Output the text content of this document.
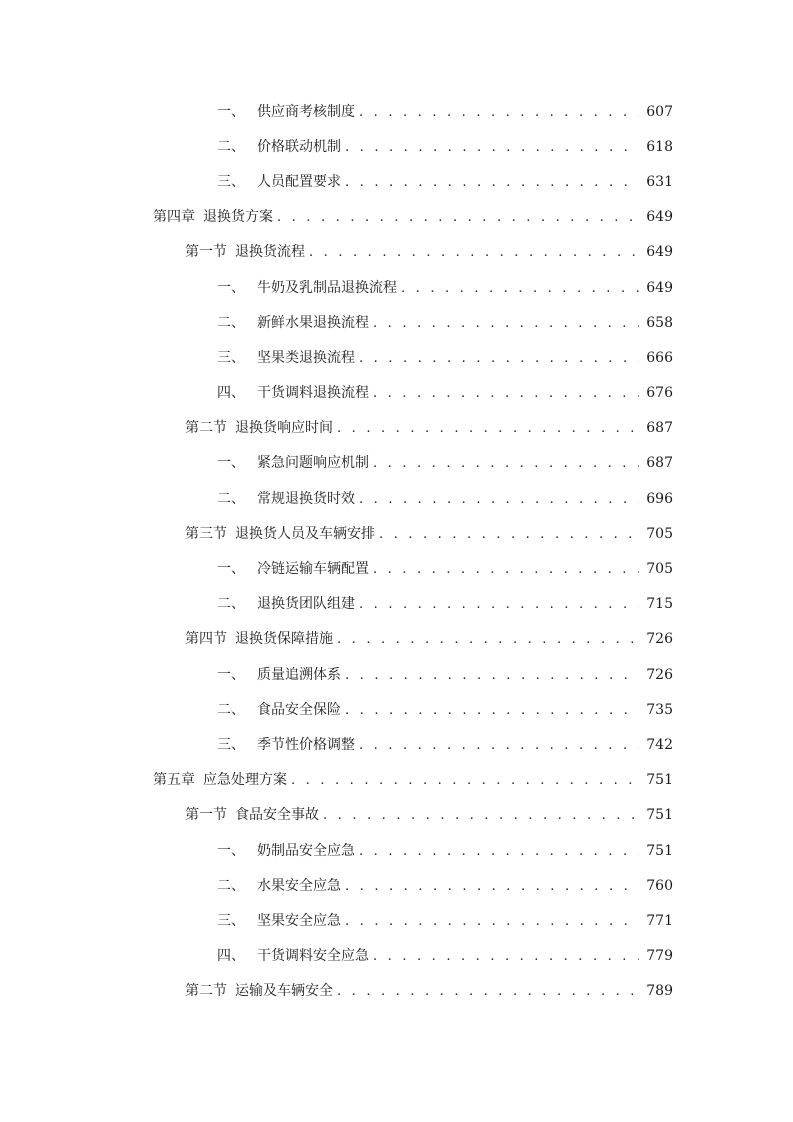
一、 供应商考核制度 . . .	607
二、 价格联动机制 . . .	618
三、 人员配置要求 . . .	631
第四章 退换货方案 . . .	649
第一节 退换货流程 . . .	649
一、 牛奶及乳制品退换流程 . . .	649
二、 新鲜水果退换流程 . . .	658
三、 坚果类退换流程 . . .	666
四、 干货调料退换流程 . . .	676
第二节 退换货响应时间 . . .	687
一、 紧急问题响应机制 . . .	687
二、 常规退换货时效 . . .	696
第三节 退换货人员及车辆安排 . . .	705
一、 冷链运输车辆配置 . . .	705
二、 退换货团队组建 . . .	715
第四节 退换货保障措施 . . .	726
一、 质量追溯体系 . . .	726
二、 食品安全保险 . . .	735
三、 季节性价格调整 . . .	742
第五章 应急处理方案 . . .	751
第一节 食品安全事故 . . .	751
一、 奶制品安全应急 . . .	751
二、 水果安全应急 . . .	760
三、 坚果安全应急 . . .	771
四、 干货调料安全应急 . . .	779
第二节 运输及车辆安全 . . .	789
